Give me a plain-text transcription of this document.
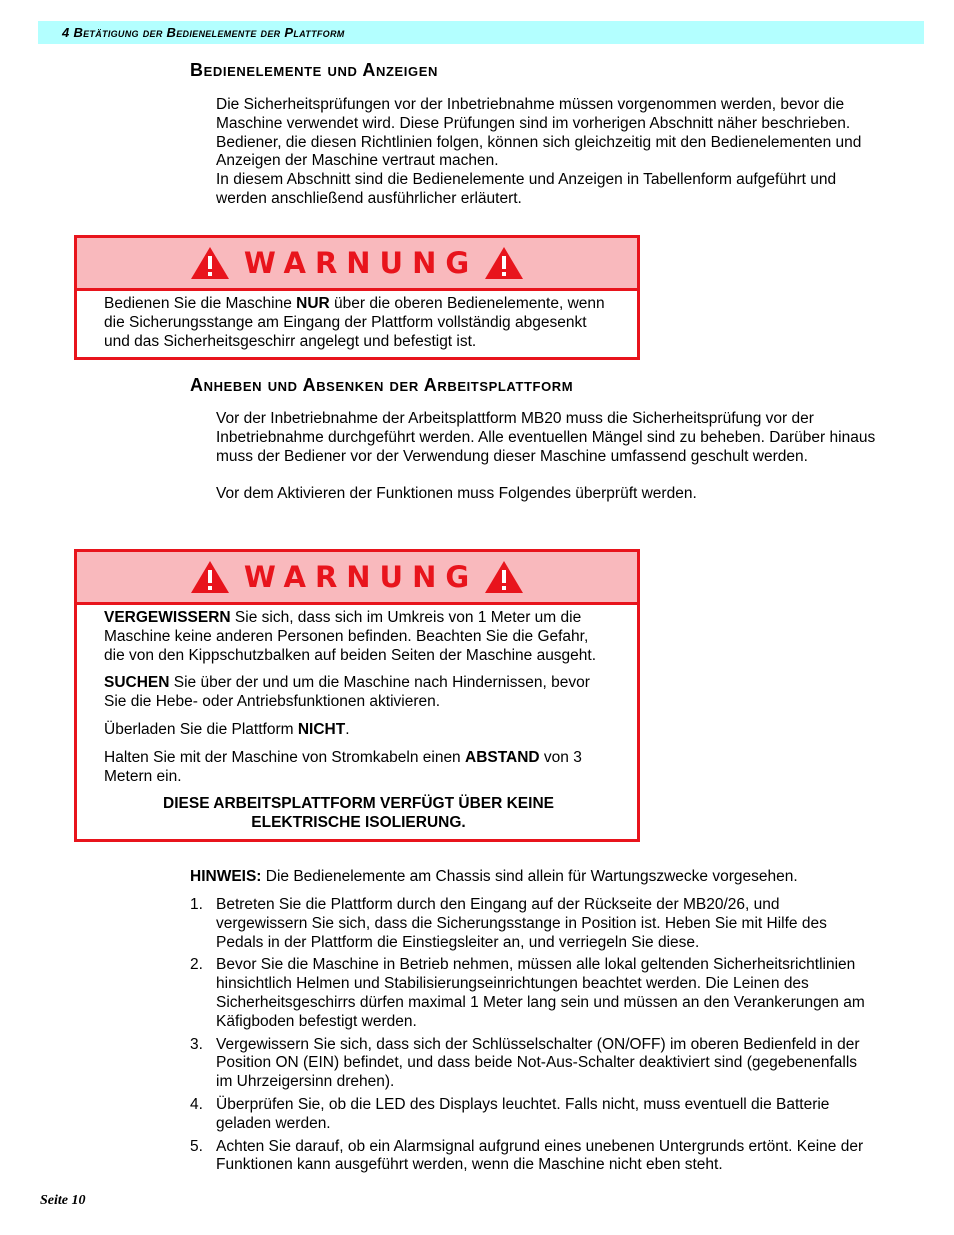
4 Betätigung der Bedienelemente der Plattform
Bedienelemente und Anzeigen

Die Sicherheitsprüfungen vor der Inbetriebnahme müssen vorgenommen werden, bevor die Maschine verwendet wird. Diese Prüfungen sind im vorherigen Abschnitt näher beschrieben. Bediener, die diesen Richtlinien folgen, können sich gleichzeitig mit den Bedienelementen und Anzeigen der Maschine vertraut machen.

In diesem Abschnitt sind die Bedienelemente und Anzeigen in Tabellenform aufgeführt und werden anschließend ausführlicher erläutert.

WARNUNG

Bedienen Sie die Maschine NUR über die oberen Bedienelemente, wenn die Sicherungsstange am Eingang der Plattform vollständig abgesenkt und das Sicherheitsgeschirr angelegt und befestigt ist.

Anheben und Absenken der Arbeitsplattform

Vor der Inbetriebnahme der Arbeitsplattform MB20 muss die Sicherheitsprüfung vor der Inbetriebnahme durchgeführt werden. Alle eventuellen Mängel sind zu beheben. Darüber hinaus muss der Bediener vor der Verwendung dieser Maschine umfassend geschult werden.

Vor dem Aktivieren der Funktionen muss Folgendes überprüft werden.

WARNUNG

VERGEWISSERN Sie sich, dass sich im Umkreis von 1 Meter um die Maschine keine anderen Personen befinden. Beachten Sie die Gefahr, die von den Kippschutzbalken auf beiden Seiten der Maschine ausgeht.

SUCHEN Sie über der und um die Maschine nach Hindernissen, bevor Sie die Hebe- oder Antriebsfunktionen aktivieren.

Überladen Sie die Plattform NICHT.

Halten Sie mit der Maschine von Stromkabeln einen ABSTAND von 3 Metern ein.

DIESE ARBEITSPLATTFORM VERFÜGT ÜBER KEINE ELEKTRISCHE ISOLIERUNG.

HINWEIS: Die Bedienelemente am Chassis sind allein für Wartungszwecke vorgesehen.
1. Betreten Sie die Plattform durch den Eingang auf der Rückseite der MB20/26, und vergewissern Sie sich, dass die Sicherungsstange in Position ist. Heben Sie mit Hilfe des Pedals in der Plattform die Einstiegsleiter an, und verriegeln Sie diese.
2. Bevor Sie die Maschine in Betrieb nehmen, müssen alle lokal geltenden Sicherheitsrichtlinien hinsichtlich Helmen und Stabilisierungseinrichtungen beachtet werden. Die Leinen des Sicherheitsgeschirrs dürfen maximal 1 Meter lang sein und müssen an den Verankerungen am Käfigboden befestigt werden.
3. Vergewissern Sie sich, dass sich der Schlüsselschalter (ON/OFF) im oberen Bedienfeld in der Position ON (EIN) befindet, und dass beide Not-Aus-Schalter deaktiviert sind (gegebenenfalls im Uhrzeigersinn drehen).
4. Überprüfen Sie, ob die LED des Displays leuchtet. Falls nicht, muss eventuell die Batterie geladen werden.
5. Achten Sie darauf, ob ein Alarmsignal aufgrund eines unebenen Untergrunds ertönt. Keine der Funktionen kann ausgeführt werden, wenn die Maschine nicht eben steht.
Seite 10
